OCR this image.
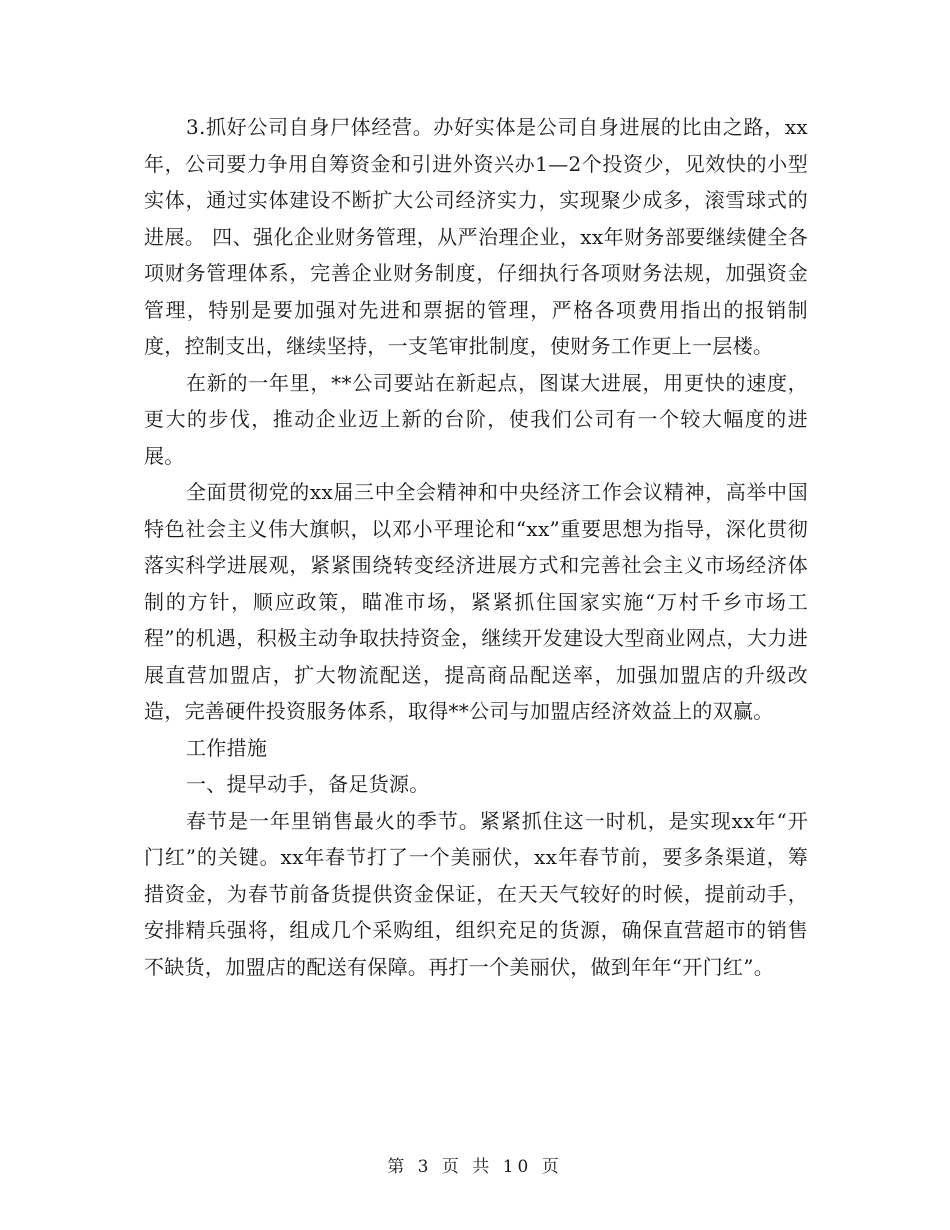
3.抓好公司自身尸体经营。办好实体是公司自身进展的比由之路，xx年，公司要力争用自筹资金和引进外资兴办1—2个投资少，见效快的小型实体，通过实体建设不断扩大公司经济实力，实现聚少成多，滚雪球式的进展。 四、强化企业财务管理，从严治理企业，xx年财务部要继续健全各项财务管理体系，完善企业财务制度，仔细执行各项财务法规，加强资金管理，特别是要加强对先进和票据的管理，严格各项费用指出的报销制度，控制支出，继续坚持，一支笔审批制度，使财务工作更上一层楼。

在新的一年里，**公司要站在新起点，图谋大进展，用更快的速度，更大的步伐，推动企业迈上新的台阶，使我们公司有一个较大幅度的进展。

全面贯彻党的xx届三中全会精神和中央经济工作会议精神，高举中国特色社会主义伟大旗帜，以邓小平理论和“xx”重要思想为指导，深化贯彻落实科学进展观，紧紧围绕转变经济进展方式和完善社会主义市场经济体制的方针，顺应政策，瞄准市场，紧紧抓住国家实施“万村千乡市场工程”的机遇，积极主动争取扶持资金，继续开发建设大型商业网点，大力进展直营加盟店，扩大物流配送，提高商品配送率，加强加盟店的升级改造，完善硬件投资服务体系，取得**公司与加盟店经济效益上的双赢。

工作措施

一、提早动手，备足货源。

春节是一年里销售最火的季节。紧紧抓住这一时机，是实现xx年“开门红”的关键。xx年春节打了一个美丽伏，xx年春节前，要多条渠道，筹措资金，为春节前备货提供资金保证，在天天气较好的时候，提前动手，安排精兵强将，组成几个采购组，组织充足的货源，确保直营超市的销售不缺货，加盟店的配送有保障。再打一个美丽伏，做到年年“开门红”。

第 3 页 共 10 页
